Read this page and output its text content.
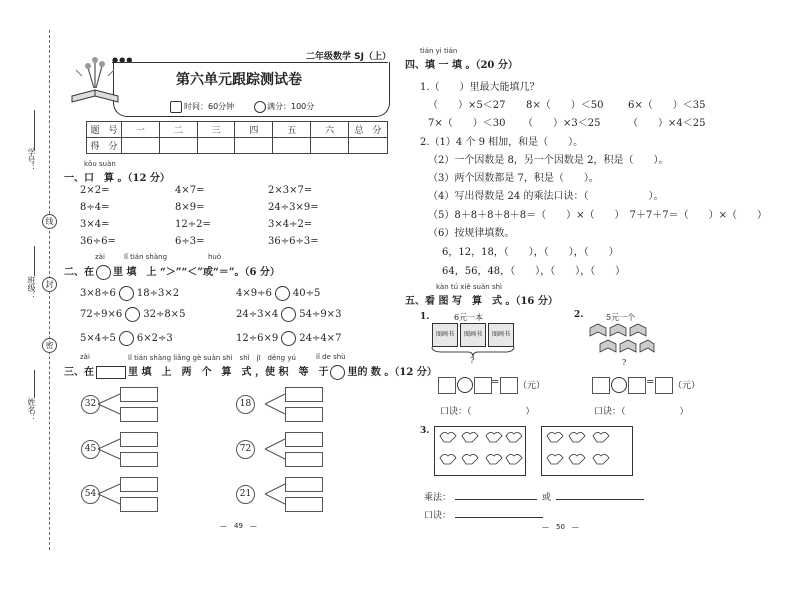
学号：
班级：
姓名：
线
封
密
●●●	二年级数学 SJ（上）
第六单元跟踪测试卷
时间：60分钟	满分：100分
题　号	一	二	三	四	五	六	总　分
得　分							
kǒu suàn
一、口　算 。（12 分）
2×2=	4×7=	2×3×7=
8÷4=	8×9=	24÷3×9=
3×4=	12÷2=	3×4÷2=
36÷6=	6÷3=	36÷6÷3=
zài	lǐ tián shàng	huò
二、在 里 填　上 “＞”“＜”或“＝”。（6 分）
3×8÷6 18÷3×2	4×9÷6 40÷5
72÷9×6 32÷8×5	24÷3×4 54÷9×3
5×4÷5 6×2÷3	12÷6×9 24÷4×7
zài	lǐ tián shàng liǎng gè suàn shì　shǐ　jī　děng yú	lǐ de shù
三、在	里 填　上　两　个　算　式 ，使 积　等　于 里的 数 。（12 分）
32	18
45	72
54	21
—　49　—
tián yi tián
四、填 一 填 。（20 分）
1.（　　）里最大能填几？
（　　）×5＜27 8×（　　）＜50 6×（　　）＜35
7×（　　）＜30 （　　）×3＜25	（　　）×4＜25
2.（1）4 个 9 相加，和是（　　）。
（2）一个因数是 8，另一个因数是 2，积是（　　）。
（3）两个因数都是 7，积是（　　）。
（4）写出得数是 24 的乘法口诀：（　　　　　　）。
（5）8＋8＋8＋8＋8＝（　　）×（　　）　7＋7＋7＝（　　）×（　　）
（6）按规律填数。
6，12，18，（　　），（　　），（　　）
64，56，48，（　　），（　　），（　　）
kàn tú xiě suàn shì
五、看 图 写　算　式 。（16 分）
1.	6元一本
图画书	图画书	图画书
?
= （元）
口诀：（　　　　　　）
2.	5元一个
?
= （元）
口诀：（　　　　　　）
3.
乘法：	或
口诀：
—　50　—
